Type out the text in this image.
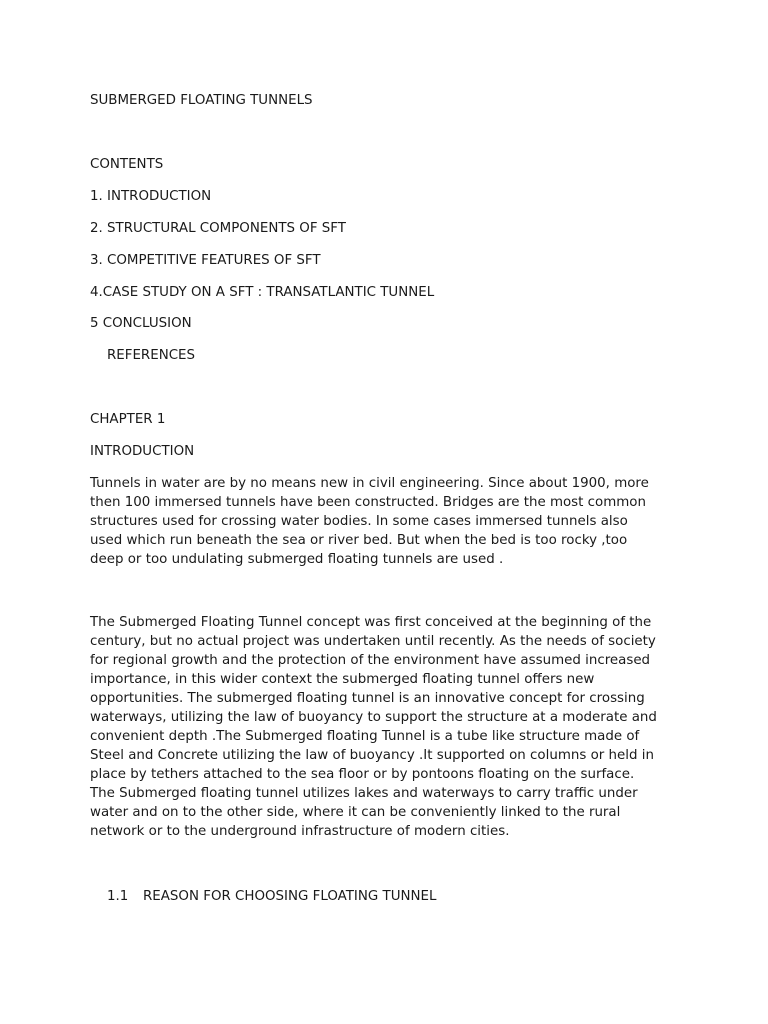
SUBMERGED FLOATING TUNNELS
CONTENTS
1. INTRODUCTION
2. STRUCTURAL COMPONENTS OF SFT
3. COMPETITIVE FEATURES OF SFT
4.CASE STUDY ON A SFT : TRANSATLANTIC TUNNEL
5 CONCLUSION
REFERENCES
CHAPTER 1
INTRODUCTION
Tunnels in water are by no means new in civil engineering. Since about 1900, more
then 100 immersed tunnels have been constructed. Bridges are the most common
structures used for crossing water bodies. In some cases immersed tunnels also
used which run beneath the sea or river bed. But when the bed is too rocky ,too
deep or too undulating submerged floating tunnels are used .
The Submerged Floating Tunnel concept was first conceived at the beginning of the
century, but no actual project was undertaken until recently. As the needs of society
for regional growth and the protection of the environment have assumed increased
importance, in this wider context the submerged floating tunnel offers new
opportunities. The submerged floating tunnel is an innovative concept for crossing
waterways, utilizing the law of buoyancy to support the structure at a moderate and
convenient depth .The Submerged floating Tunnel is a tube like structure made of
Steel and Concrete utilizing the law of buoyancy .It supported on columns or held in
place by tethers attached to the sea floor or by pontoons floating on the surface.
The Submerged floating tunnel utilizes lakes and waterways to carry traffic under
water and on to the other side, where it can be conveniently linked to the rural
network or to the underground infrastructure of modern cities.
1.1 REASON FOR CHOOSING FLOATING TUNNEL
